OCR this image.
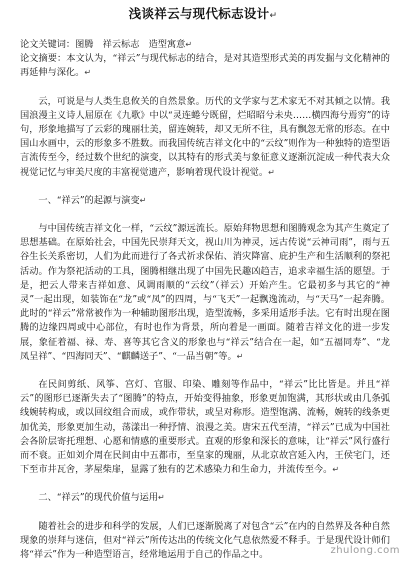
浅谈祥云与现代标志设计↵

论文关键词：图腾　祥云标志　造型寓意↵

论文摘要：本文认为，“祥云”与现代标志的结合，是对其造型形式美的再发掘与文化精神的再延伸与深化。↵

云，可说是与人类生息攸关的自然景象。历代的文学家与艺术家无不对其倾之以情。我国浪漫主义诗人屈原在《九歌》中以“灵连蜷兮既留，烂昭昭兮未央……横四海兮焉穷”的诗句，形象地描写了云彩的瑰丽壮美，留连婉转，却又无所不往，具有飘忽无常的形态。在中国山水画中，云的形象多不胜数。而我国传统吉祥文化中的“云纹”则作为一种独特的造型语言流传至今，经过数个世纪的演变，以其特有的形式美与象征意义逐渐沉淀成一种代表大众视觉记忆与审美尺度的丰富视觉遗产，影响着现代设计视觉。↵

一、“祥云”的起源与演变↵

与中国传统吉祥文化一样，“云纹”源远流长。原始拜物思想和图腾观念为其产生奠定了思想基础。在原始社会，中国先民崇拜天文，视山川为神灵，远古传说“云神司雨”，雨与五谷生长关系密切，人们为此而进行了各式祈求保佑、消灾降富、庇护生产和生活顺利的祭祀活动。作为祭祀活动的工具，图腾相继出现了中国先民趣凶趋吉，追求幸福生活的愿望。于是，把云人带来吉祥如意、风调雨顺的“云纹”（祥云）开始产生。它最初多与其它的“神灵”一起出现，如装饰在“龙”或“凤”的四周，与“飞天”一起飘逸流动，与“天马”一起奔腾。此时的“祥云”常常被作为一种辅助图形出现，造型流畅，多采用适形手法。它有时出现在图腾的边缘四周或中心部位，有时也作为背景，所向着是一画面。随着吉祥文化的进一步发展，象征着福、禄、寿、喜等其它含义的形象也与“祥云”结合在一起，如“五福同寿”、“龙凤呈祥”、“四海同天”、“麒麟送子”、“一品当朝”等。↵

在民间剪纸、风筝、宫灯、官服、印染、雕刻等作品中，“祥云”比比皆是。并且“祥云”的图形已逐渐失去了“图腾”的特点，开始变得抽象，形象更加饱满，其形状或由几条弧线婉转构成，或以回纹组合而成，或作带状，或呈对称形。造型饱满、流畅，婉转的线条更加优美，形象更加生动，荡漾出一种抒情、浪漫之美。唐宋五代至清，“祥云”已成为中国社会各阶层寄托理想、心愿和情感的重要形式。直观的形象和深长的意味，让“祥云”风行盛行而不衰。正如刘介周在民间由中五都市，至皇家的瑰丽，从北京故宫延入内，王侯宅门，还下至市井瓦舍，茅屋柴扉，显露了独有的艺术感染力和生命力，并流传至今。↵

二、“祥云”的现代价值与运用↵

随着社会的进步和科学的发展，人们已逐渐脱离了对包含“云”在内的自然界及各种自然现象的崇拜与迷信，但对“祥云”所传达出的传统文化气息依然爱不释手。于是现代设计师们将“祥云”作为一种造型语言，经常地运用于自己的作品之中。	zhulong.com
